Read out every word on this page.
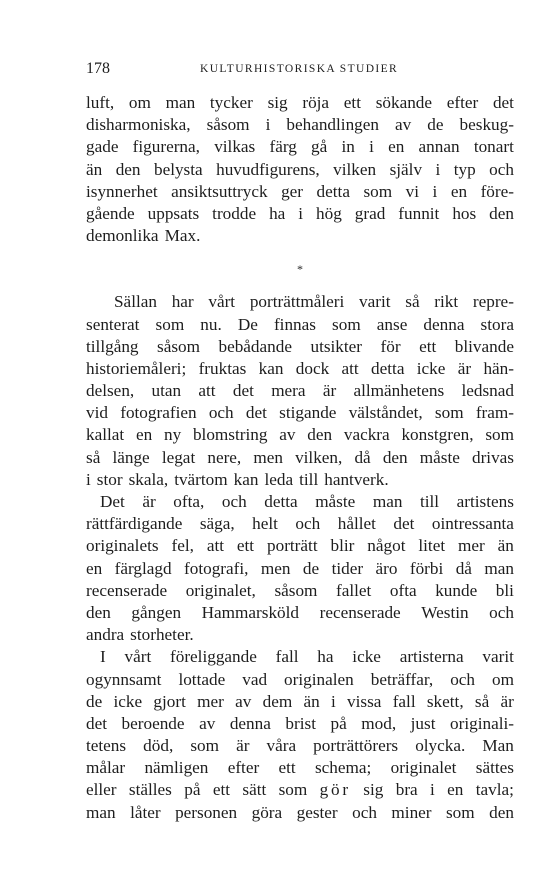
178	KULTURHISTORISKA STUDIER
luft, om man tycker sig röja ett sökande efter det
disharmoniska, såsom i behandlingen av de beskug-
gade figurerna, vilkas färg gå in i en annan tonart
än den belysta huvudfigurens, vilken själv i typ och
isynnerhet ansiktsuttryck ger detta som vi i en före-
gående uppsats trodde ha i hög grad funnit hos den
demonlika Max.
*
Sällan har vårt porträttmåleri varit så rikt repre-
senterat som nu. De finnas som anse denna stora
tillgång såsom bebådande utsikter för ett blivande
historiemåleri; fruktas kan dock att detta icke är hän-
delsen, utan att det mera är allmänhetens ledsnad
vid fotografien och det stigande välståndet, som fram-
kallat en ny blomstring av den vackra konstgren, som
så länge legat nere, men vilken, då den måste drivas
i stor skala, tvärtom kan leda till hantverk.
Det är ofta, och detta måste man till artistens
rättfärdigande säga, helt och hållet det ointressanta
originalets fel, att ett porträtt blir något litet mer än
en färglagd fotografi, men de tider äro förbi då man
recenserade originalet, såsom fallet ofta kunde bli
den gången Hammarsköld recenserade Westin och
andra storheter.
I vårt föreliggande fall ha icke artisterna varit
ogynnsamt lottade vad originalen beträffar, och om
de icke gjort mer av dem än i vissa fall skett, så är
det beroende av denna brist på mod, just originali-
tetens död, som är våra porträttörers olycka. Man
målar nämligen efter ett schema; originalet sättes
eller ställes på ett sätt som gör sig bra i en tavla;
man låter personen göra gester och miner som den
